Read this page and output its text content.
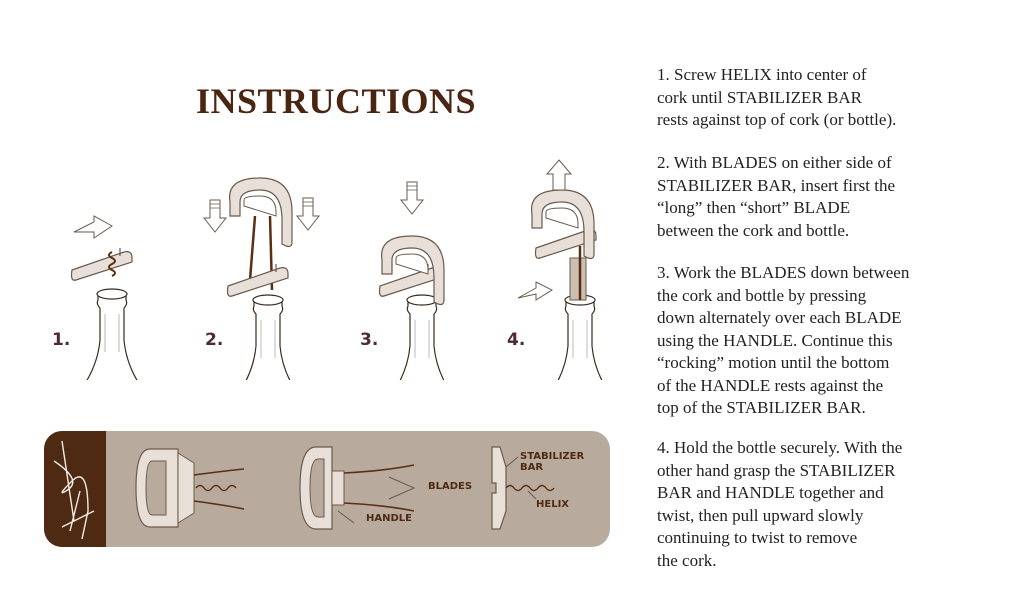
INSTRUCTIONS
1.	2.	3.	4.
STABILIZER BAR
BLADES
HELIX
HANDLE

1. Screw HELIX into center of

cork until STABILIZER BAR

rests against top of cork (or bottle).

2. With BLADES on either side of

STABILIZER BAR, insert first the

“long” then “short” BLADE

between the cork and bottle.

3. Work the BLADES down between

the cork and bottle by pressing

down alternately over each BLADE

using the HANDLE. Continue this

“rocking” motion until the bottom

of the HANDLE rests against the

top of the STABILIZER BAR.

4. Hold the bottle securely. With the

other hand grasp the STABILIZER

BAR and HANDLE together and

twist, then pull upward slowly

continuing to twist to remove

the cork.
